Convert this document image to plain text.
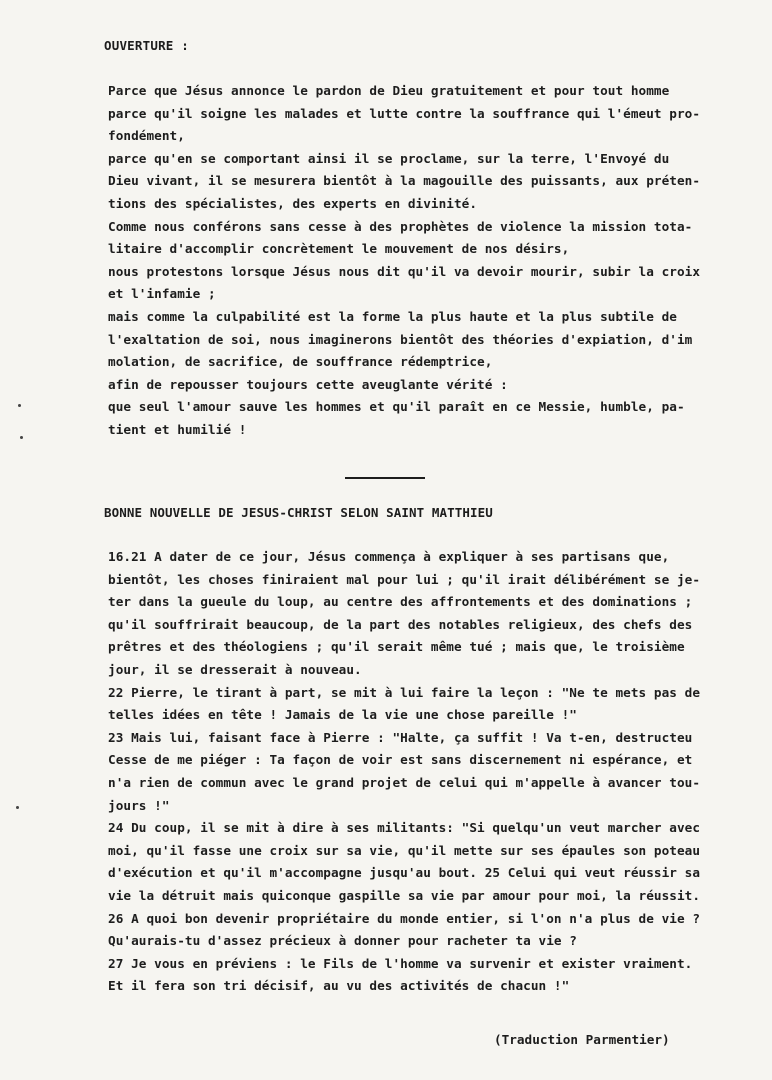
OUVERTURE :
Parce que Jésus annonce le pardon de Dieu gratuitement et pour tout homme
parce qu'il soigne les malades et lutte contre la souffrance qui l'émeut pro-
fondément,
parce qu'en se comportant ainsi il se proclame, sur la terre, l'Envoyé du
Dieu vivant, il se mesurera bientôt à la magouille des puissants, aux préten-
tions des spécialistes, des experts en divinité.
Comme nous conférons sans cesse à des prophètes de violence la mission tota-
litaire d'accomplir concrètement le mouvement de nos désirs,
nous protestons lorsque Jésus nous dit qu'il va devoir mourir, subir la croix
et l'infamie ;
mais comme la culpabilité est la forme la plus haute et la plus subtile de
l'exaltation de soi, nous imaginerons bientôt des théories d'expiation, d'im
molation, de sacrifice, de souffrance rédemptrice,
afin de repousser toujours cette aveuglante vérité :
que seul l'amour sauve les hommes et qu'il paraît en ce Messie, humble, pa-
tient et humilié !
BONNE NOUVELLE DE JESUS-CHRIST SELON SAINT MATTHIEU
16.21 A dater de ce jour, Jésus commença à expliquer à ses partisans que,
bientôt, les choses finiraient mal pour lui ; qu'il irait délibérément se je-
ter dans la gueule du loup, au centre des affrontements et des dominations ;
qu'il souffrirait beaucoup, de la part des notables religieux, des chefs des
prêtres et des théologiens ; qu'il serait même tué ; mais que, le troisième
jour, il se dresserait à nouveau.
22 Pierre, le tirant à part, se mit à lui faire la leçon : "Ne te mets pas de
telles idées en tête ! Jamais de la vie une chose pareille !"
23 Mais lui, faisant face à Pierre : "Halte, ça suffit ! Va t-en, destructeu
Cesse de me piéger : Ta façon de voir est sans discernement ni espérance, et
n'a rien de commun avec le grand projet de celui qui m'appelle à avancer tou-
jours !"
24 Du coup, il se mit à dire à ses militants: "Si quelqu'un veut marcher avec
moi, qu'il fasse une croix sur sa vie, qu'il mette sur ses épaules son poteau
d'exécution et qu'il m'accompagne jusqu'au bout. 25 Celui qui veut réussir sa
vie la détruit mais quiconque gaspille sa vie par amour pour moi, la réussit.
26 A quoi bon devenir propriétaire du monde entier, si l'on n'a plus de vie ?
Qu'aurais-tu d'assez précieux à donner pour racheter ta vie ?
27 Je vous en préviens : le Fils de l'homme va survenir et exister vraiment.
Et il fera son tri décisif, au vu des activités de chacun !"
(Traduction Parmentier)
